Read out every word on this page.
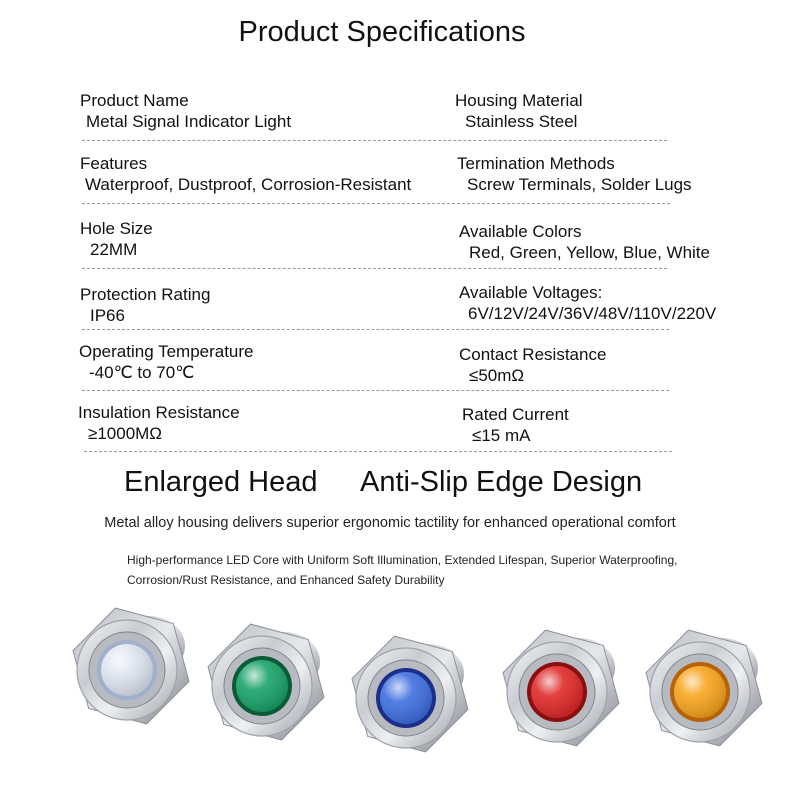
Product Specifications
Product Name
Metal Signal Indicator Light
Features
Waterproof, Dustproof, Corrosion-Resistant
Hole Size
22MM
Protection Rating
IP66
Operating Temperature
-40℃ to 70℃
Insulation Resistance
≥1000MΩ
Housing Material
Stainless Steel
Termination Methods
Screw Terminals, Solder Lugs
Available Colors
Red, Green, Yellow, Blue, White
Available Voltages:
6V/12V/24V/36V/48V/110V/220V
Contact Resistance
≤50mΩ
Rated Current
≤15 mA
Enlarged Head Anti-Slip Edge Design
Metal alloy housing delivers superior ergonomic tactility for enhanced operational comfort
High-performance LED Core with Uniform Soft Illumination, Extended Lifespan, Superior Waterproofing, Corrosion/Rust Resistance, and Enhanced Safety Durability
